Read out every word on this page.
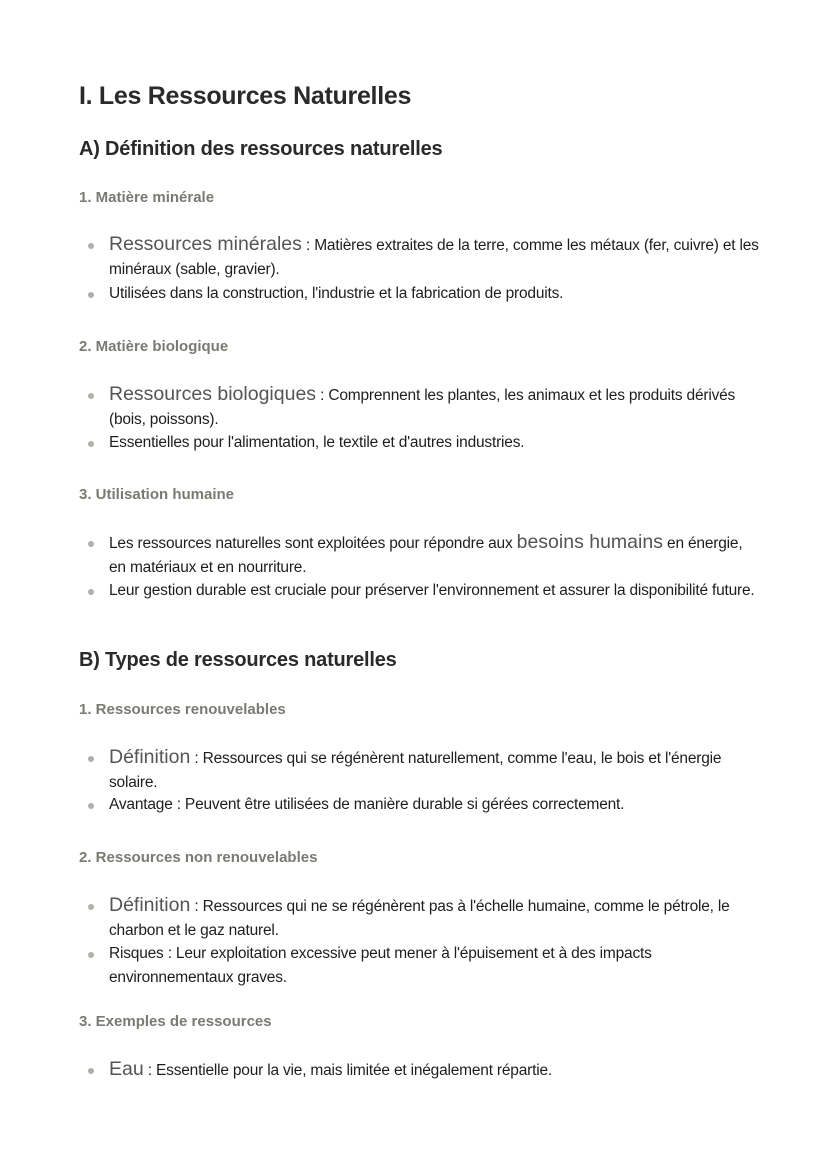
I. Les Ressources Naturelles
A) Définition des ressources naturelles
1. Matière minérale
Ressources minérales : Matières extraites de la terre, comme les métaux (fer, cuivre) et les minéraux (sable, gravier).
Utilisées dans la construction, l'industrie et la fabrication de produits.
2. Matière biologique
Ressources biologiques : Comprennent les plantes, les animaux et les produits dérivés (bois, poissons).
Essentielles pour l'alimentation, le textile et d'autres industries.
3. Utilisation humaine
Les ressources naturelles sont exploitées pour répondre aux besoins humains en énergie, en matériaux et en nourriture.
Leur gestion durable est cruciale pour préserver l'environnement et assurer la disponibilité future.
B) Types de ressources naturelles
1. Ressources renouvelables
Définition : Ressources qui se régénèrent naturellement, comme l'eau, le bois et l'énergie solaire.
Avantage : Peuvent être utilisées de manière durable si gérées correctement.
2. Ressources non renouvelables
Définition : Ressources qui ne se régénèrent pas à l'échelle humaine, comme le pétrole, le charbon et le gaz naturel.
Risques : Leur exploitation excessive peut mener à l'épuisement et à des impacts environnementaux graves.
3. Exemples de ressources
Eau : Essentielle pour la vie, mais limitée et inégalement répartie.
